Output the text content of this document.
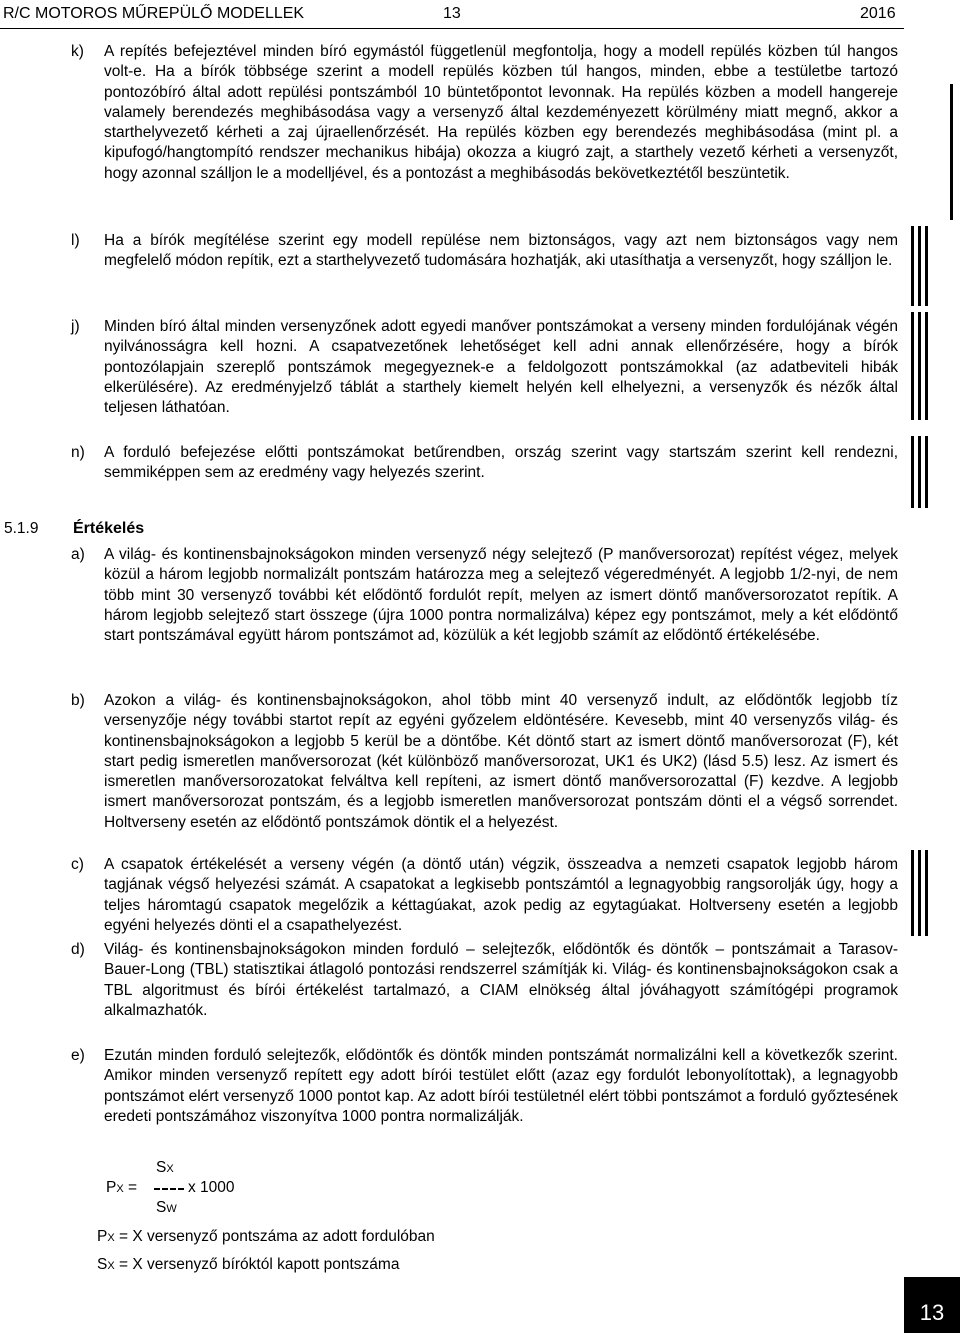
R/C MOTOROS MŰREPÜLŐ MODELLEK	13	2016
k) A repítés befejeztével minden bíró egymástól függetlenül megfontolja, hogy a modell repülés közben túl hangos volt-e. Ha a bírók többsége szerint a modell repülés közben túl hangos, minden, ebbe a testületbe tartozó pontozóbíró által adott repülési pontszámból 10 büntetőpontot levonnak. Ha repülés közben a modell hangereje valamely berendezés meghibásodása vagy a versenyző által kezdeményezett körülmény miatt megnő, akkor a starthelyvezető kérheti a zaj újraellenőrzését. Ha repülés közben egy berendezés meghibásodása (mint pl. a kipufogó/hangtompító rendszer mechanikus hibája) okozza a kiugró zajt, a starthely vezető kérheti a versenyzőt, hogy azonnal szálljon le a modelljével, és a pontozást a meghibásodás bekövetkeztétől beszüntetik.
l) Ha a bírók megítélése szerint egy modell repülése nem biztonságos, vagy azt nem biztonságos vagy nem megfelelő módon repítik, ezt a starthelyvezető tudomására hozhatják, aki utasíthatja a versenyzőt, hogy szálljon le.
j) Minden bíró által minden versenyzőnek adott egyedi manőver pontszámokat a verseny minden fordulójának végén nyilvánosságra kell hozni. A csapatvezetőnek lehetőséget kell adni annak ellenőrzésére, hogy a bírók pontozólapjain szereplő pontszámok megegyeznek-e a feldolgozott pontszámokkal (az adatbeviteli hibák elkerülésére). Az eredményjelző táblát a starthely kiemelt helyén kell elhelyezni, a versenyzők és nézők által teljesen láthatóan.
n) A forduló befejezése előtti pontszámokat betűrendben, ország szerint vagy startszám szerint kell rendezni, semmiképpen sem az eredmény vagy helyezés szerint.
5.1.9 Értékelés
a) A világ- és kontinensbajnokságokon minden versenyző négy selejtező (P manőversorozat) repítést végez, melyek közül a három legjobb normalizált pontszám határozza meg a selejtező végeredményét. A legjobb 1/2-nyi, de nem több mint 30 versenyző további két elődöntő fordulót repít, melyen az ismert döntő manőversorozatot repítik. A három legjobb selejtező start összege (újra 1000 pontra normalizálva) képez egy pontszámot, mely a két elődöntő start pontszámával együtt három pontszámot ad, közülük a két legjobb számít az elődöntő értékelésébe.
b) Azokon a világ- és kontinensbajnokságokon, ahol több mint 40 versenyző indult, az elődöntők legjobb tíz versenyzője négy további startot repít az egyéni győzelem eldöntésére. Kevesebb, mint 40 versenyzős világ- és kontinensbajnokságokon a legjobb 5 kerül be a döntőbe. Két döntő start az ismert döntő manőversorozat (F), két start pedig ismeretlen manőversorozat (két különböző manőversorozat, UK1 és UK2) (lásd 5.5) lesz. Az ismert és ismeretlen manőversorozatokat felváltva kell repíteni, az ismert döntő manőversorozattal (F) kezdve. A legjobb ismert manőversorozat pontszám, és a legjobb ismeretlen manőversorozat pontszám dönti el a végső sorrendet. Holtverseny esetén az elődöntő pontszámok döntik el a helyezést.
c) A csapatok értékelését a verseny végén (a döntő után) végzik, összeadva a nemzeti csapatok legjobb három tagjának végső helyezési számát. A csapatokat a legkisebb pontszámtól a legnagyobbig rangsorolják úgy, hogy a teljes háromtagú csapatok megelőzik a kéttagúakat, azok pedig az egytagúakat. Holtverseny esetén a legjobb egyéni helyezés dönti el a csapathelyezést.
d) Világ- és kontinensbajnokságokon minden forduló – selejtezők, elődöntők és döntők – pontszámait a Tarasov-Bauer-Long (TBL) statisztikai átlagoló pontozási rendszerrel számítják ki. Világ- és kontinensbajnokságokon csak a TBL algoritmust és bírói értékelést tartalmazó, a CIAM elnökség által jóváhagyott számítógépi programok alkalmazhatók.
e) Ezután minden forduló selejtezők, elődöntők és döntők minden pontszámát normalizálni kell a következők szerint. Amikor minden versenyző repített egy adott bírói testület előtt (azaz egy fordulót lebonyolítottak), a legnagyobb pontszámot elért versenyző 1000 pontot kap. Az adott bírói testületnél elért többi pontszámot a forduló győztesének eredeti pontszámához viszonyítva 1000 pontra normalizálják.
SX
PX =	x 1000
SW
PX = X versenyző pontszáma az adott fordulóban
SX = X versenyző bíróktól kapott pontszáma
13
